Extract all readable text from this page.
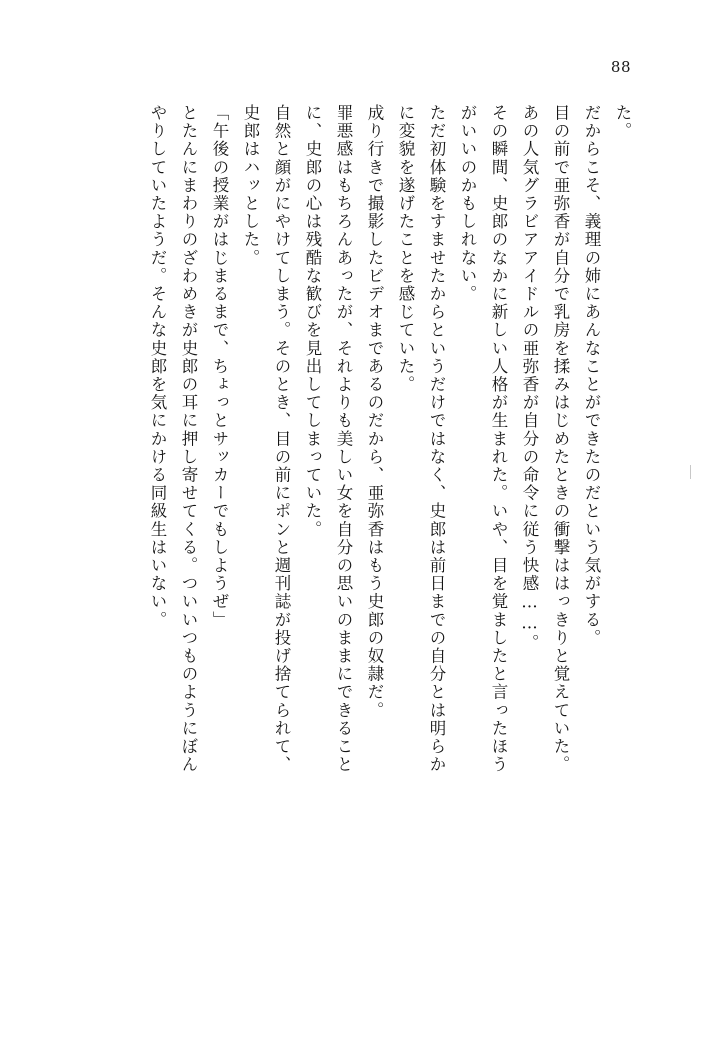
88
た。
だからこそ、義理の姉にあんなことができたのだという気がする。
目の前で亜弥香が自分で乳房を揉みはじめたときの衝撃ははっきりと覚えていた。
あの人気グラビアアイドルの亜弥香が自分の命令に従う快感……。
その瞬間、史郎のなかに新しい人格が生まれた。いや、目を覚ましたと言ったほう
がいいのかもしれない。
ただ初体験をすませたからというだけではなく、史郎は前日までの自分とは明らか
に変貌を遂げたことを感じていた。
成り行きで撮影したビデオまであるのだから、亜弥香はもう史郎の奴隷だ。
罪悪感はもちろんあったが、それよりも美しい女を自分の思いのままにできること
に、史郎の心は残酷な歓びを見出してしまっていた。
自然と顔がにやけてしまう。そのとき、目の前にポンと週刊誌が投げ捨てられて、
史郎はハッとした。
「午後の授業がはじまるまで、ちょっとサッカーでもしようぜ」
とたんにまわりのざわめきが史郎の耳に押し寄せてくる。ついいつものようにぼん
やりしていたようだ。そんな史郎を気にかける同級生はいない。
